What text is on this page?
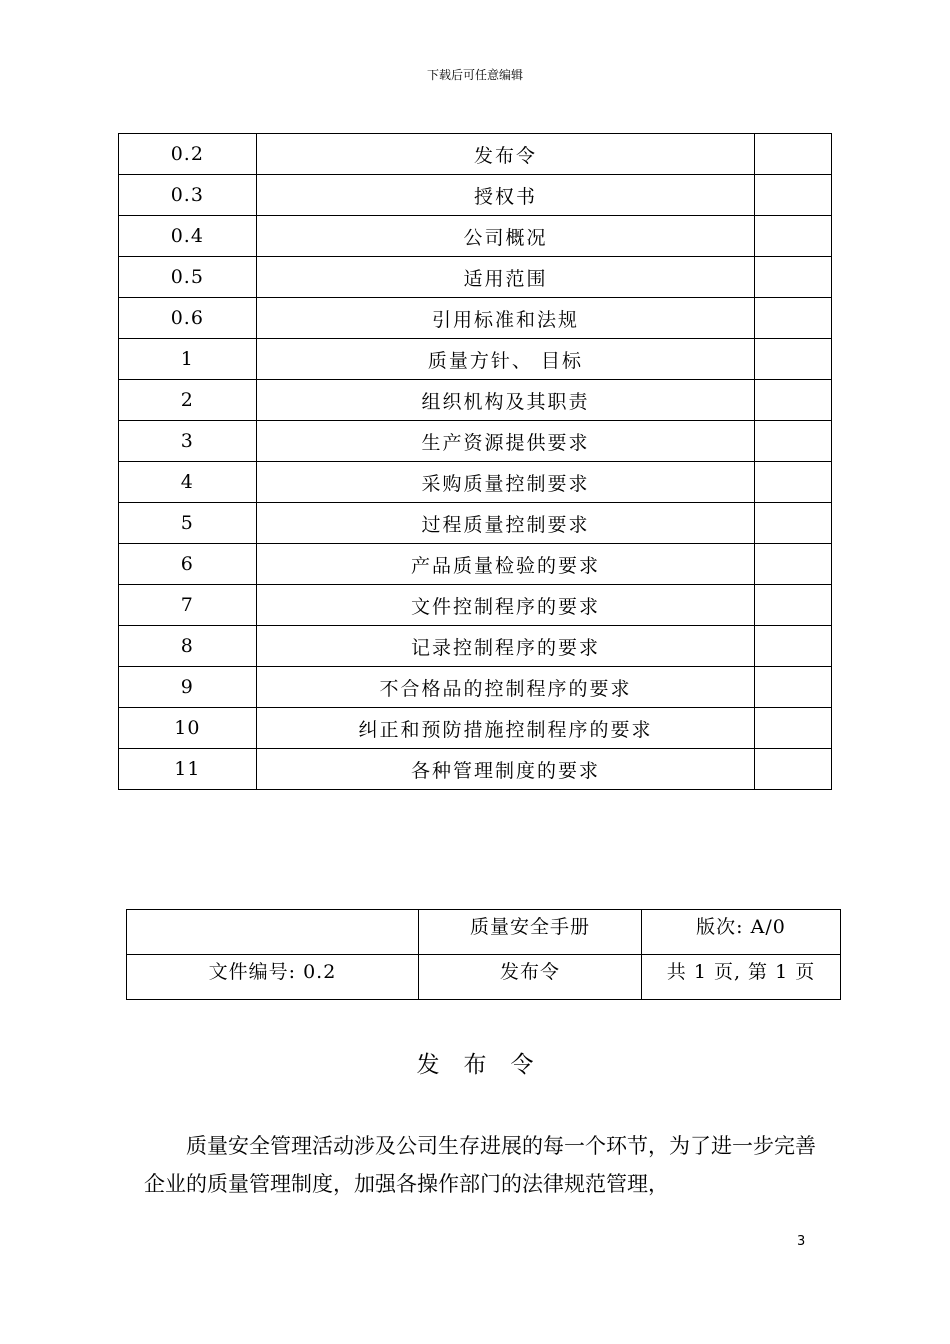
下载后可任意编辑
0.2	发布令	
0.3	授权书	
0.4	公司概况	
0.5	适用范围	
0.6	引用标准和法规	
1	质量方针、 目标	
2	组织机构及其职责	
3	生产资源提供要求	
4	采购质量控制要求	
5	过程质量控制要求	
6	产品质量检验的要求	
7	文件控制程序的要求	
8	记录控制程序的要求	
9	不合格品的控制程序的要求	
10	纠正和预防措施控制程序的要求	
11	各种管理制度的要求	

	质量安全手册	版次: A/0

文件编号: 0.2	发布令	共 1 页, 第 1 页
发布令
质量安全管理活动涉及公司生存进展的每一个环节，为了进一步完善企业的质量管理制度，加强各操作部门的法律规范管理，
3
